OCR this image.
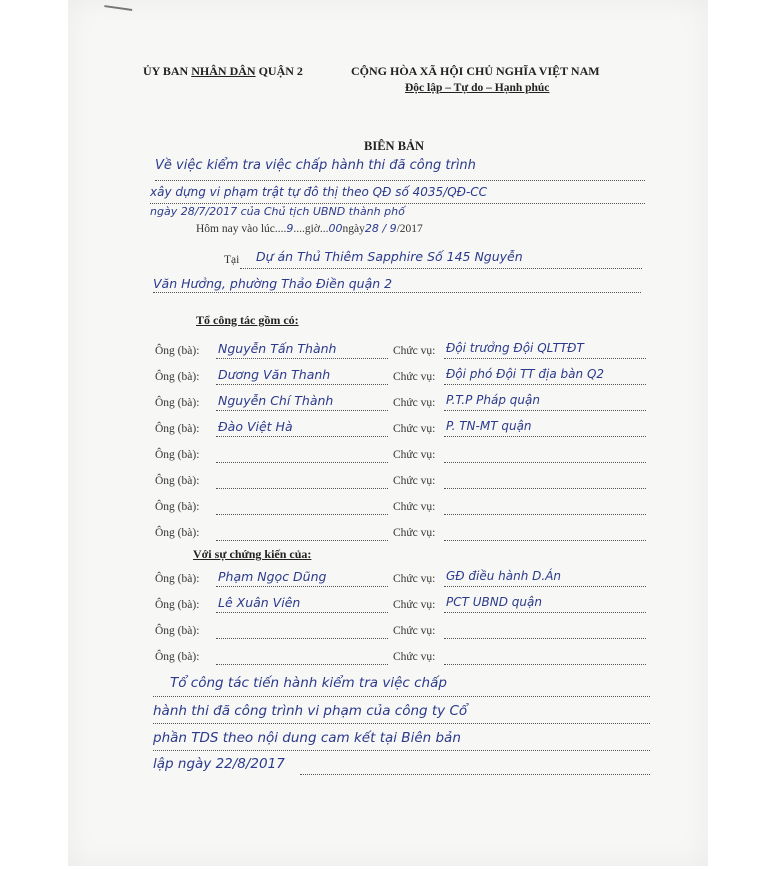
ỦY BAN NHÂN DÂN QUẬN 2	CỘNG HÒA XÃ HỘI CHỦ NGHĨA VIỆT NAM
Độc lập – Tự do – Hạnh phúc
BIÊN BẢN
Về việc kiểm tra việc chấp hành thi đã công trình
xây dựng vi phạm trật tự đô thị theo QĐ số 4035/QĐ-CC
ngày 28/7/2017 của Chủ tịch UBND thành phố
Hôm nay vào lúc....9....giờ...00ngày28 / 9/2017
Tại Dự án Thủ Thiêm Sapphire Số 145 Nguyễn
Văn Hưởng, phường Thảo Điền quận 2
Tổ công tác gồm có:
Ông (bà): Nguyễn Tấn Thành	Chức vụ: Đội trưởng Đội QLTTĐT
Ông (bà): Dương Văn Thanh	Chức vụ: Đội phó Đội TT địa bàn Q2
Ông (bà): Nguyễn Chí Thành	Chức vụ: P.T.P Pháp quận
Ông (bà): Đào Việt Hà	Chức vụ: P. TN-MT quận
Ông (bà):	Chức vụ:
Ông (bà):	Chức vụ:
Ông (bà):	Chức vụ:
Ông (bà):	Chức vụ:
Với sự chứng kiến của:
Ông (bà): Phạm Ngọc Dũng	Chức vụ: GĐ điều hành D.Án
Ông (bà): Lê Xuân Viên	Chức vụ: PCT UBND quận
Ông (bà):	Chức vụ:
Ông (bà):	Chức vụ:
Tổ công tác tiến hành kiểm tra việc chấp
hành thi đã công trình vi phạm của công ty Cổ
phần TDS theo nội dung cam kết tại Biên bản
lập ngày 22/8/2017
